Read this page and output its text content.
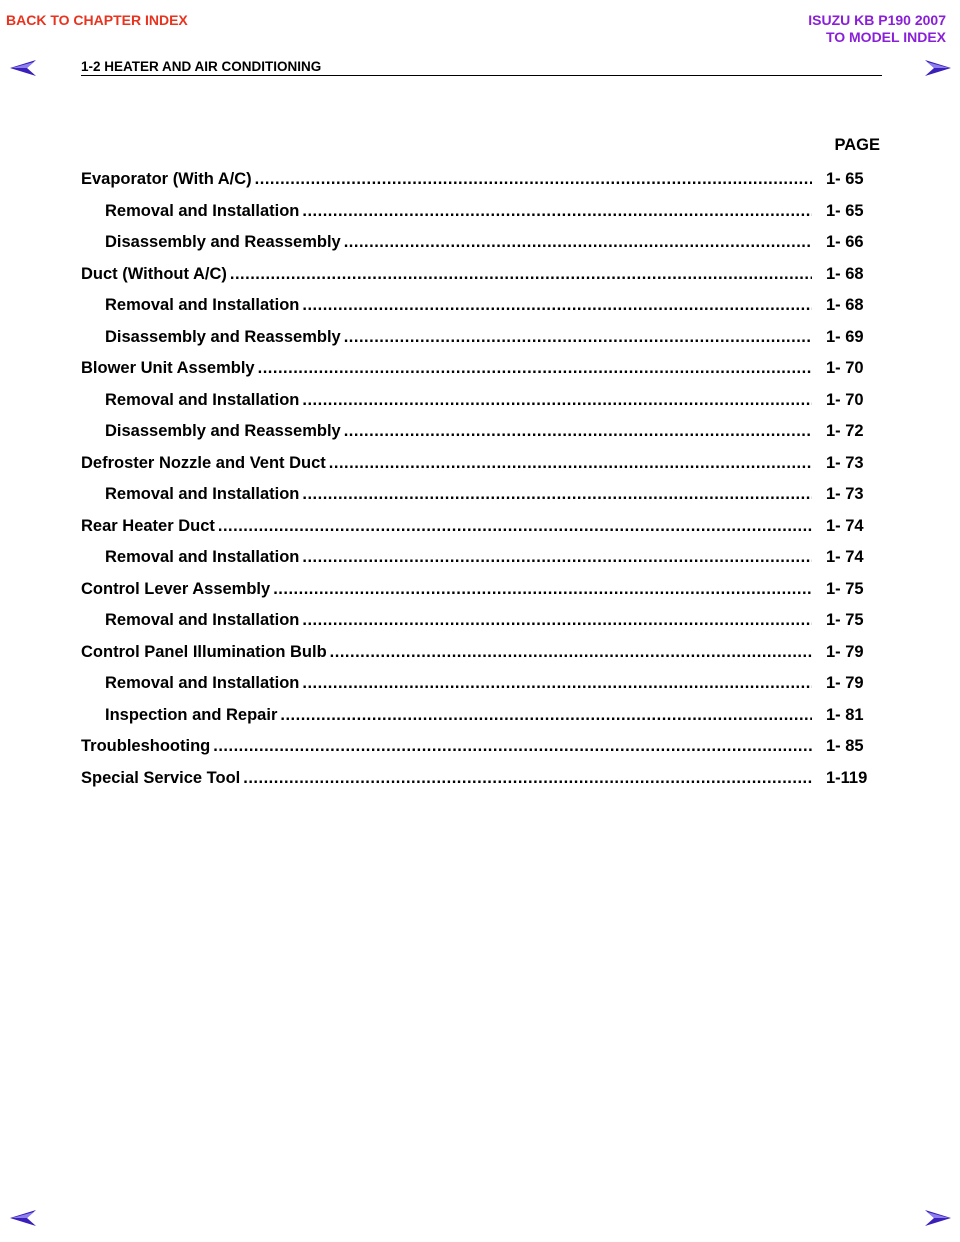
BACK TO CHAPTER INDEX	ISUZU KB P190 2007
TO MODEL INDEX
1-2 HEATER AND AIR CONDITIONING
PAGE
Evaporator (With A/C) .....	1- 65
Removal and Installation .....	1- 65
Disassembly and Reassembly .....	1- 66
Duct (Without A/C) .....	1- 68
Removal and Installation .....	1- 68
Disassembly and Reassembly .....	1- 69
Blower Unit Assembly .....	1- 70
Removal and Installation .....	1- 70
Disassembly and Reassembly .....	1- 72
Defroster Nozzle and Vent Duct .....	1- 73
Removal and Installation .....	1- 73
Rear Heater Duct .....	1- 74
Removal and Installation .....	1- 74
Control Lever Assembly .....	1- 75
Removal and Installation .....	1- 75
Control Panel Illumination Bulb .....	1- 79
Removal and Installation .....	1- 79
Inspection and Repair .....	1- 81
Troubleshooting .....	1- 85
Special Service Tool .....	1-119
